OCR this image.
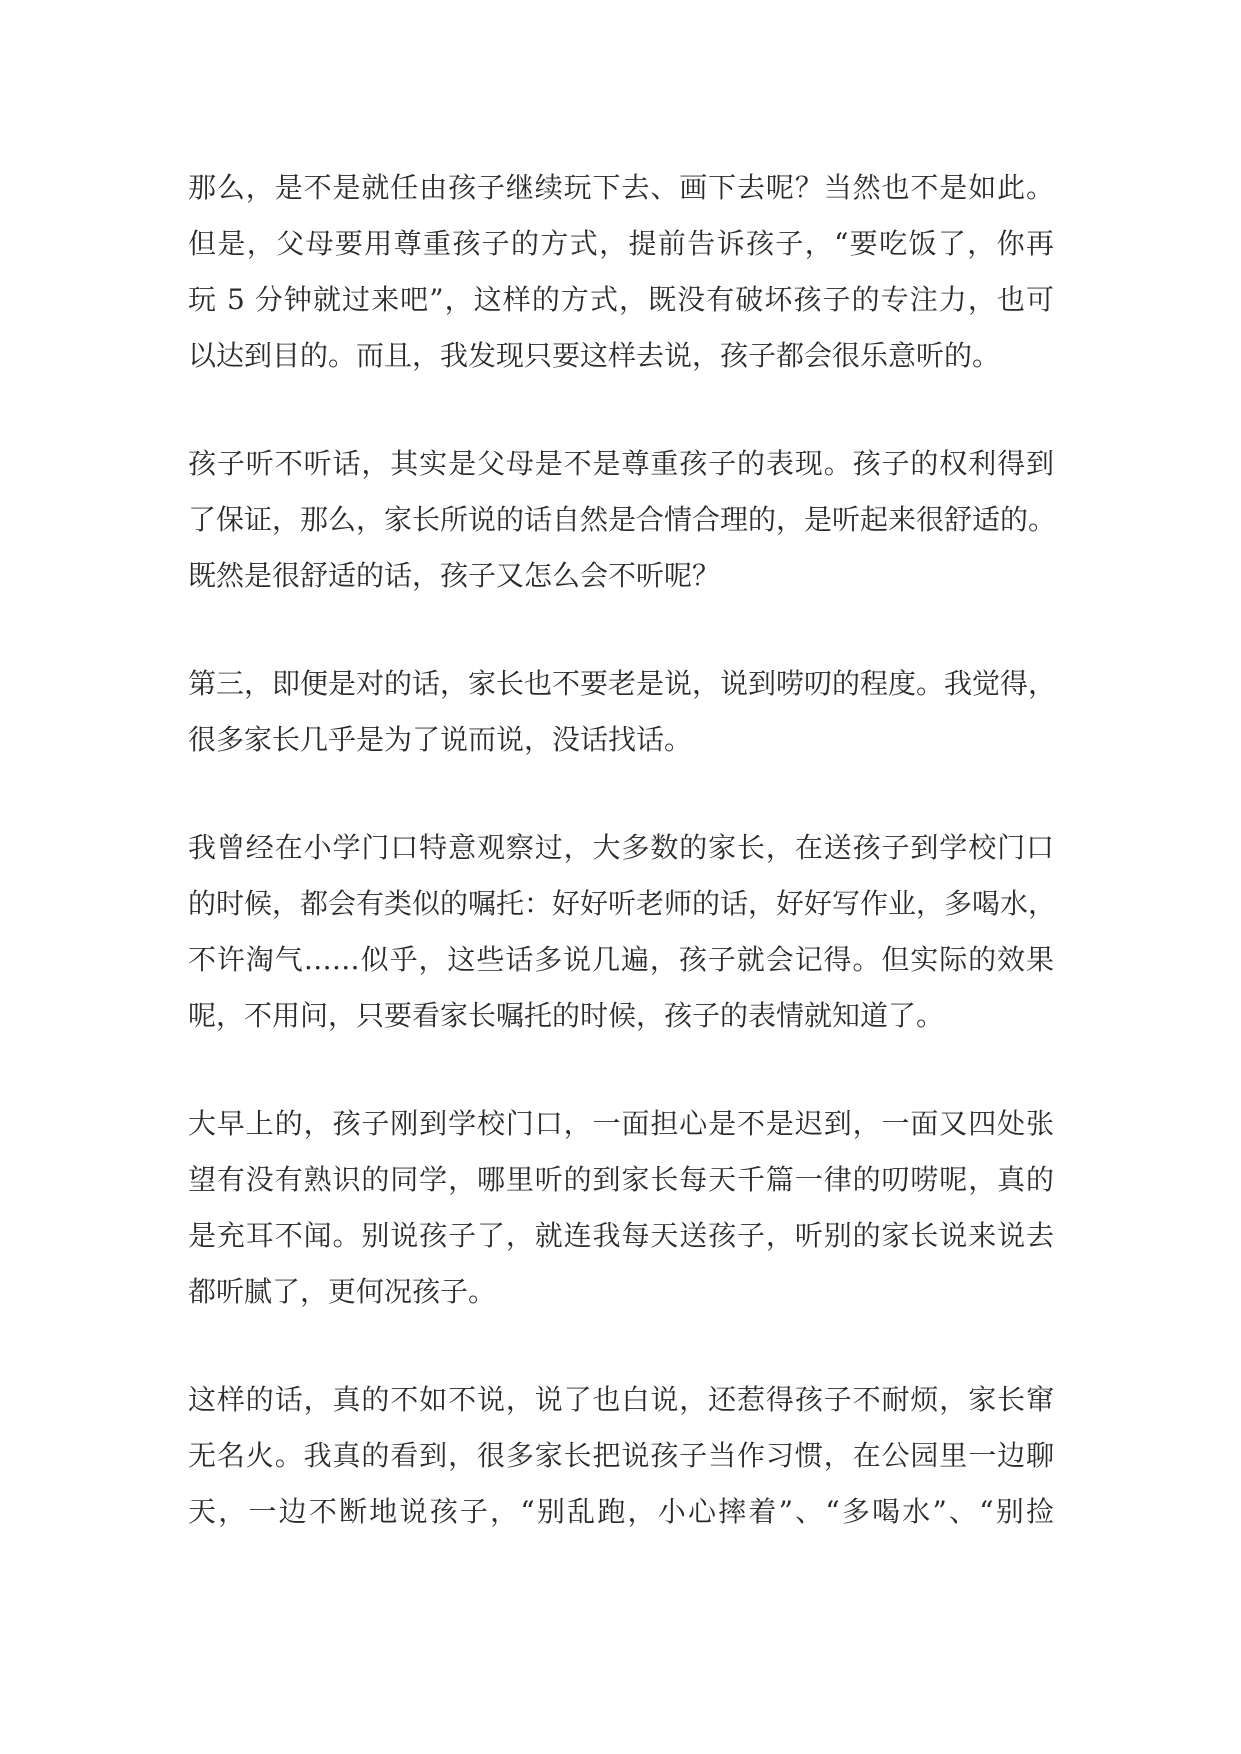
那么，是不是就任由孩子继续玩下去、画下去呢？当然也不是如此。
但是，父母要用尊重孩子的方式，提前告诉孩子，“要吃饭了，你再
玩 5 分钟就过来吧”，这样的方式，既没有破坏孩子的专注力，也可
以达到目的。而且，我发现只要这样去说，孩子都会很乐意听的。
孩子听不听话，其实是父母是不是尊重孩子的表现。孩子的权利得到
了保证，那么，家长所说的话自然是合情合理的，是听起来很舒适的。
既然是很舒适的话，孩子又怎么会不听呢？
第三，即便是对的话，家长也不要老是说，说到唠叨的程度。我觉得，
很多家长几乎是为了说而说，没话找话。
我曾经在小学门口特意观察过，大多数的家长，在送孩子到学校门口
的时候，都会有类似的嘱托：好好听老师的话，好好写作业，多喝水，
不许淘气……似乎，这些话多说几遍，孩子就会记得。但实际的效果
呢，不用问，只要看家长嘱托的时候，孩子的表情就知道了。
大早上的，孩子刚到学校门口，一面担心是不是迟到，一面又四处张
望有没有熟识的同学，哪里听的到家长每天千篇一律的叨唠呢，真的
是充耳不闻。别说孩子了，就连我每天送孩子，听别的家长说来说去
都听腻了，更何况孩子。
这样的话，真的不如不说，说了也白说，还惹得孩子不耐烦，家长窜
无名火。我真的看到，很多家长把说孩子当作习惯，在公园里一边聊
天，一边不断地说孩子，“别乱跑，小心摔着”、“多喝水”、“别捡
